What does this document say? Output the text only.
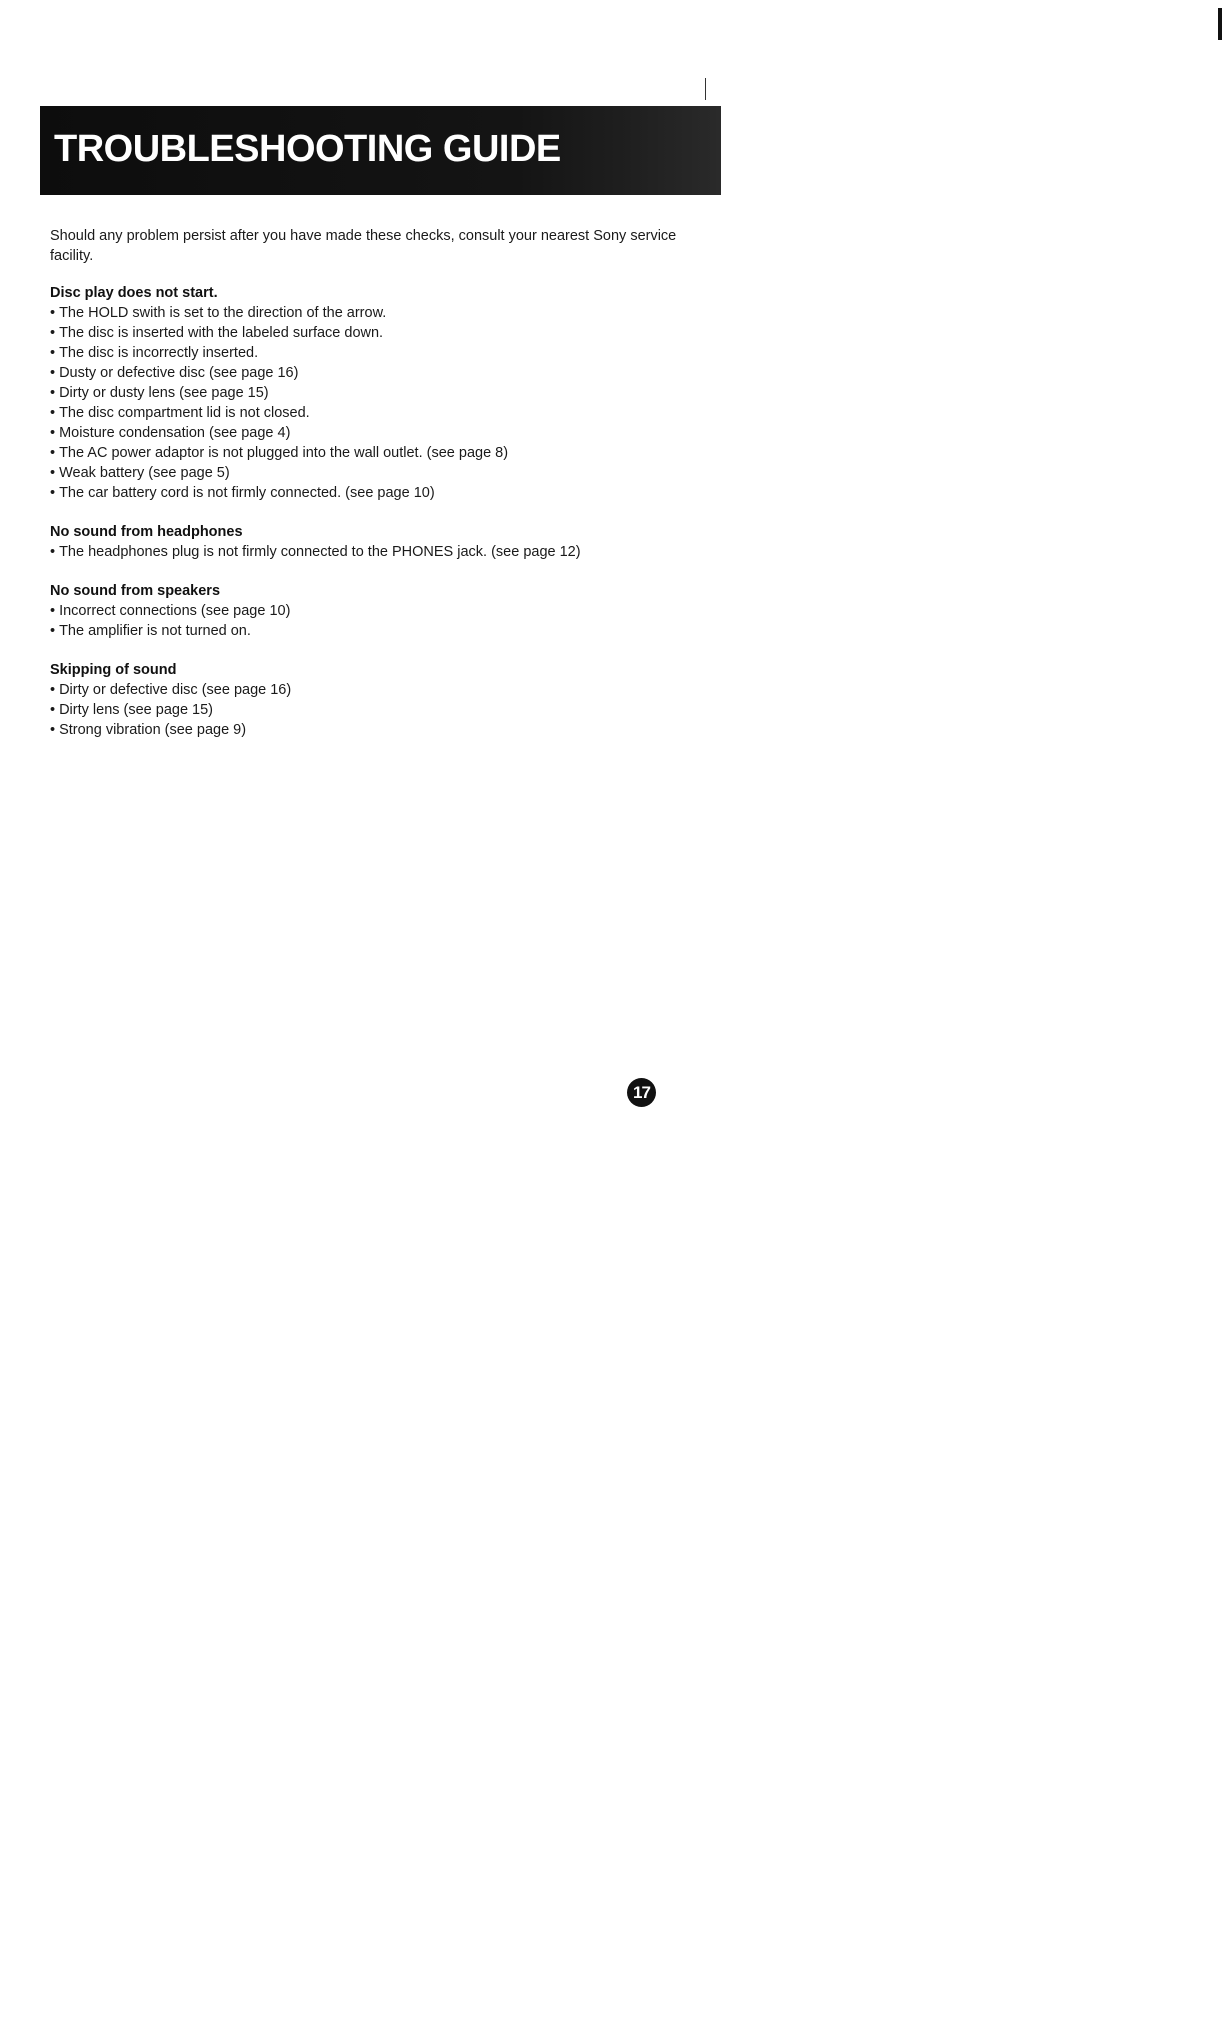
TROUBLESHOOTING GUIDE

Should any problem persist after you have made these checks, consult your nearest Sony service facility.

Disc play does not start.

• The HOLD swith is set to the direction of the arrow.
• The disc is inserted with the labeled surface down.
• The disc is incorrectly inserted.
• Dusty or defective disc (see page 16)
• Dirty or dusty lens (see page 15)
• The disc compartment lid is not closed.
• Moisture condensation (see page 4)
• The AC power adaptor is not plugged into the wall outlet. (see page 8)
• Weak battery (see page 5)
• The car battery cord is not firmly connected. (see page 10)

No sound from headphones

• The headphones plug is not firmly connected to the PHONES jack. (see page 12)

No sound from speakers

• Incorrect connections (see page 10)
• The amplifier is not turned on.

Skipping of sound

• Dirty or defective disc (see page 16)
• Dirty lens (see page 15)
• Strong vibration (see page 9)
17
